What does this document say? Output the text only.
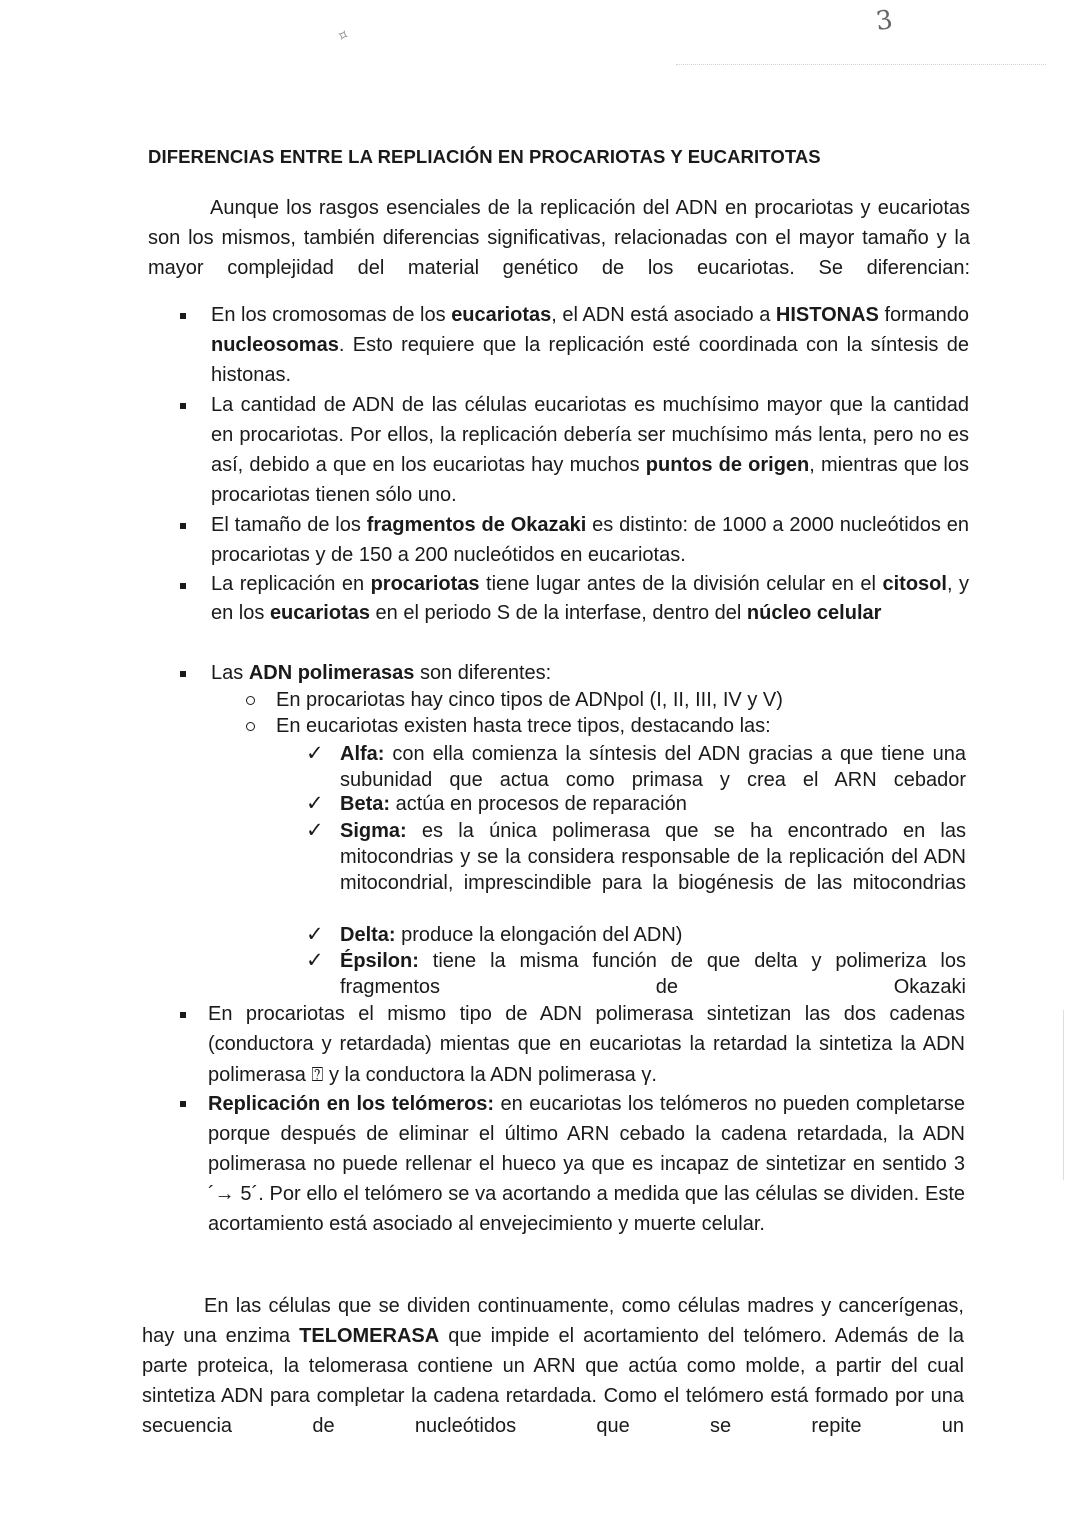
3
✧
DIFERENCIAS ENTRE LA REPLIACIÓN EN PROCARIOTAS Y EUCARITOTAS

Aunque los rasgos esenciales de la replicación del ADN en procariotas y eucariotas son los mismos, también diferencias significativas, relacionadas con el mayor tamaño y la mayor complejidad del material genético de los eucariotas. Se diferencian:

En los cromosomas de los eucariotas, el ADN está asociado a HISTONAS formando nucleosomas. Esto requiere que la replicación esté coordinada con la síntesis de histonas.
La cantidad de ADN de las células eucariotas es muchísimo mayor que la cantidad en procariotas. Por ellos, la replicación debería ser muchísimo más lenta, pero no es así, debido a que en los eucariotas hay muchos puntos de origen, mientras que los procariotas tienen sólo uno.
El tamaño de los fragmentos de Okazaki es distinto: de 1000 a 2000 nucleótidos en procariotas y de 150 a 200 nucleótidos en eucariotas.
La replicación en procariotas tiene lugar antes de la división celular en el citosol, y en los eucariotas en el periodo S de la interfase, dentro del núcleo celular
Las ADN polimerasas son diferentes:

En procariotas hay cinco tipos de ADNpol (I, II, III, IV y V)

En eucariotas existen hasta trece tipos, destacando las:

✓ Alfa: con ella comienza la síntesis del ADN gracias a que tiene una subunidad que actua como primasa y crea el ARN cebador

✓ Beta: actúa en procesos de reparación

✓ Sigma: es la única polimerasa que se ha encontrado en las mitocondrias y se la considera responsable de la replicación del ADN mitocondrial, imprescindible para la biogénesis de las mitocondrias

✓ Delta: produce la elongación del ADN)

✓ Épsilon: tiene la misma función de que delta y polimeriza los fragmentos de Okazaki

En procariotas el mismo tipo de ADN polimerasa sintetizan las dos cadenas (conductora y retardada) mientas que en eucariotas la retardad la sintetiza la ADN polimerasa ⍰ y la conductora la ADN polimerasa γ.
Replicación en los telómeros: en eucariotas los telómeros no pueden completarse porque después de eliminar el último ARN cebado la cadena retardada, la ADN polimerasa no puede rellenar el hueco ya que es incapaz de sintetizar en sentido 3´→ 5´. Por ello el telómero se va acortando a medida que las células se dividen. Este acortamiento está asociado al envejecimiento y muerte celular.
En las células que se dividen continuamente, como células madres y cancerígenas, hay una enzima TELOMERASA que impide el acortamiento del telómero. Además de la parte proteica, la telomerasa contiene un ARN que actúa como molde, a partir del cual sintetiza ADN para completar la cadena retardada. Como el telómero está formado por una secuencia de nucleótidos que se repite un
